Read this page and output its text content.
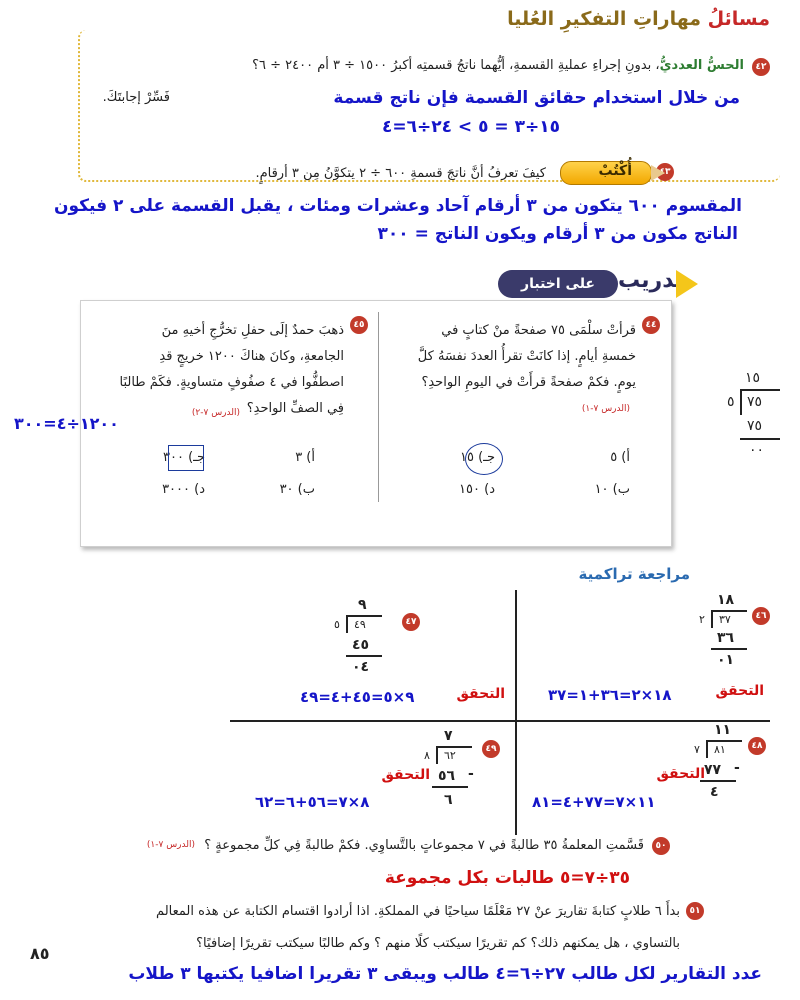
مسائلُ مهاراتِ التفكيرِ العُليا
٤٢
الحسُّ العدديُّ، بدونِ إجراءِ عمليةِ القسمةِ، أيُّهما ناتجُ قسمتِه أكبرُ ١٥٠٠ ÷ ٣ أم ٢٤٠٠ ÷ ٦؟
فَسِّرْ إجابتَكَ.	من خلال استخدام حقائق القسمة فإن ناتج قسمة
١٥÷٣ = ٥ > ٢٤÷٦=٤
٤٣
أُكْتُبْ
كيفَ تعرفُ أنَّ ناتجَ قسمةِ ٦٠٠ ÷ ٢ يتكوَّنُ مِن ٣ أرقامٍ.
المقسوم ٦٠٠ يتكون من ٣ أرقام آحاد وعشرات ومئات ، يقبل القسمة على ٢ فيكون
الناتج مكون من ٣ أرقام ويكون الناتج = ٣٠٠
على اختبار	تدريب
٤٤
قرأتْ سلْمَى ٧٥ صفحةً منْ كتابٍ في
خمسةِ أيامٍ. إذا كانَتْ تقرأُ العددَ نفسَهُ كلَّ
يومٍ. فكمْ صفحةً قرأَتْ في اليومِ الواحدِ؟
(الدرس ٧-١)
أ) ٥
ب) ١٠
جـ) ١٥
د) ١٥٠
٤٥
ذهبَ حمدٌ إلَى حفلِ تخرُّجِ أخيهِ منَ
الجامعةِ، وكانَ هناكَ ١٢٠٠ خريجٍ قدِ
اصطفُّوا في ٤ صفُوفٍ متساويةٍ. فكَمْ طالبًا
فِي الصفِّ الواحدِ؟
(الدرس ٧-٢)
أ) ٣
ب) ٣٠
جـ) ٣٠٠
د) ٣٠٠٠
١٥
٥ ٧٥
٧٥
٠٠
١٢٠٠÷٤=٣٠٠
مراجعة تراكمية
٤٦
١٨
٢ ٣٧
٣٦
٠١
التحقق
١٨×٢=٣٦+١=٣٧
٤٧
٩
٥ ٤٩
٤٥
٠٤
التحقق
٩×٥=٤٥+٤=٤٩
٤٨
١١
٧ ٨١
٧٧ -
٤
التحقق
١١×٧=٧٧+٤=٨١
٤٩
٧
٨ ٦٢
٥٦ -
٦
التحقق
٨×٧=٥٦+٦=٦٢
٥٠
قَسَّمتِ المعلمةُ ٣٥ طالبةً في ٧ مجموعاتٍ بالتَّساوِي. فكمْ طالبةً فِي كلِّ مجموعةٍ ؟
(الدرس ٧-١)
٣٥÷٧=٥ طالبات بكل مجموعة
٥١
بدأَ ٦ طلابٍ كتابةَ تقاريرَ عنْ ٢٧ مَعْلَمًا سياحيًا في المملكةِ. اذا أرادوا اقتسام الكتابة عن هذه المعالم
بالتساوي ، هل يمكنهم ذلك؟ كم تقريرًا سيكتب كلًا منهم ؟ وكم طالبًا سيكتب تقريرًا إضافيًا؟
عدد التقارير لكل طالب ٢٧÷٦=٤ طالب ويبقى ٣ تقريرا اضافيا يكتبها ٣ طلاب
٨٥
